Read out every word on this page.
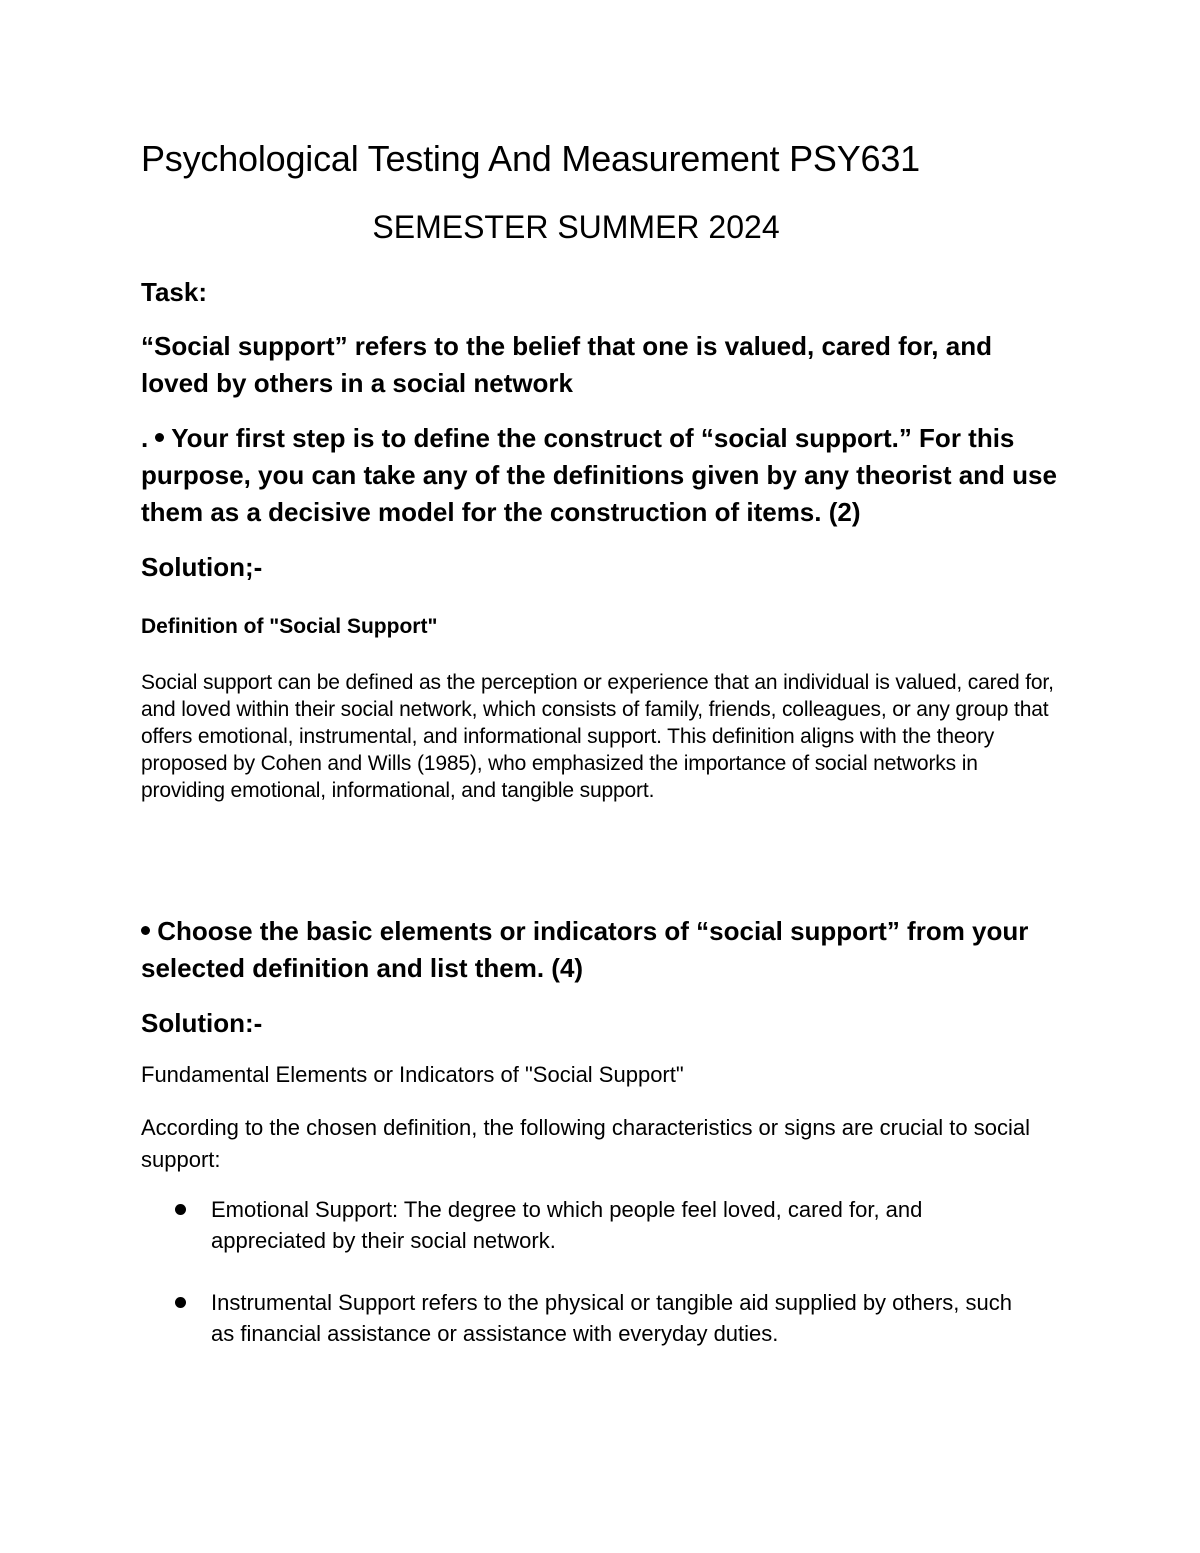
Psychological Testing And Measurement PSY631
SEMESTER SUMMER 2024
Task:

“Social support” refers to the belief that one is valued, cared for, and loved by others in a social network

. Your first step is to define the construct of “social support.” For this purpose, you can take any of the definitions given by any theorist and use them as a decisive model for the construction of items. (2)

Solution;-
Definition of "Social Support"

Social support can be defined as the perception or experience that an individual is valued, cared for, and loved within their social network, which consists of family, friends, colleagues, or any group that offers emotional, instrumental, and informational support. This definition aligns with the theory proposed by Cohen and Wills (1985), who emphasized the importance of social networks in providing emotional, informational, and tangible support.

Choose the basic elements or indicators of “social support” from your selected definition and list them. (4)

Solution:-
Fundamental Elements or Indicators of "Social Support"

According to the chosen definition, the following characteristics or signs are crucial to social support:

Emotional Support: The degree to which people feel loved, cared for, and appreciated by their social network.
Instrumental Support refers to the physical or tangible aid supplied by others, such as financial assistance or assistance with everyday duties.
